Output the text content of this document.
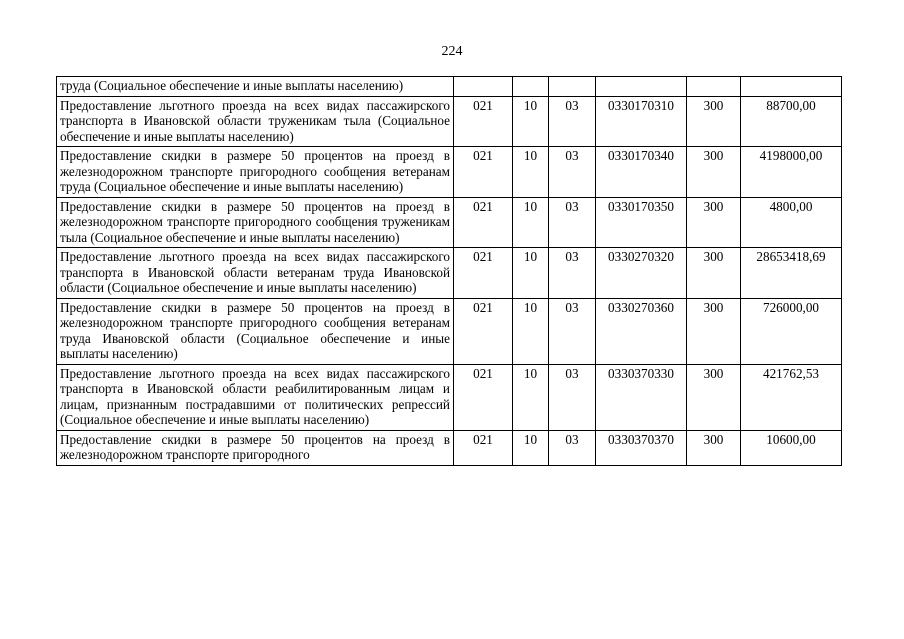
224
труда (Социальное обеспечение и иные выплаты населению)						
Предоставление льготного проезда на всех видах пассажирского транспорта в Ивановской области труженикам тыла (Социальное обеспечение и иные выплаты населению)	021	10	03	0330170310	300	88700,00
Предоставление скидки в размере 50 процентов на проезд в железнодорожном транспорте пригородного сообщения ветеранам труда (Социальное обеспечение и иные выплаты населению)	021	10	03	0330170340	300	4198000,00
Предоставление скидки в размере 50 процентов на проезд в железнодорожном транспорте пригородного сообщения труженикам тыла (Социальное обеспечение и иные выплаты населению)	021	10	03	0330170350	300	4800,00
Предоставление льготного проезда на всех видах пассажирского транспорта в Ивановской области ветеранам труда Ивановской области (Социальное обеспечение и иные выплаты населению)	021	10	03	0330270320	300	28653418,69
Предоставление скидки в размере 50 процентов на проезд в железнодорожном транспорте пригородного сообщения ветеранам труда Ивановской области (Социальное обеспечение и иные выплаты населению)	021	10	03	0330270360	300	726000,00
Предоставление льготного проезда на всех видах пассажирского транспорта в Ивановской области реабилитированным лицам и лицам, признанным пострадавшими от политических репрессий (Социальное обеспечение и иные выплаты населению)	021	10	03	0330370330	300	421762,53
Предоставление скидки в размере 50 процентов на проезд в железнодорожном транспорте пригородного	021	10	03	0330370370	300	10600,00
